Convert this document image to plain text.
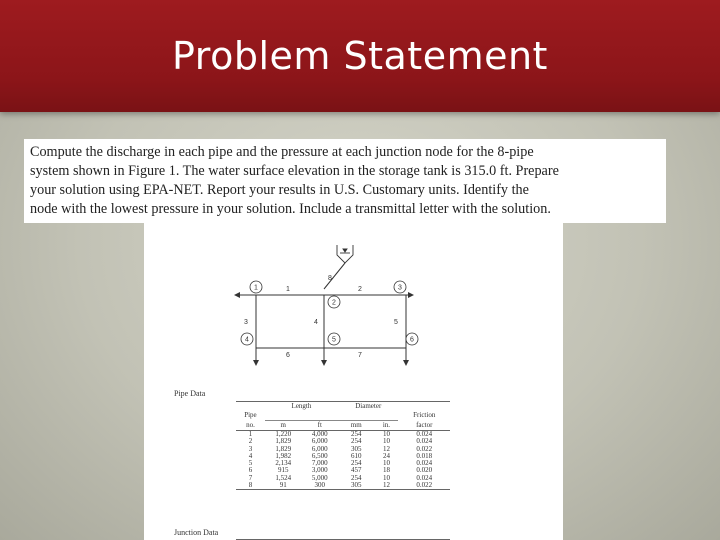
Problem Statement
Compute the discharge in each pipe and the pressure at each junction node for the 8-pipe
system shown in Figure 1. The water surface elevation in the storage tank is 315.0 ft. Prepare
your solution using EPA-NET. Report your results in U.S. Customary units. Identify the
node with the lowest pressure in your solution. Include a transmittal letter with the solution.
8
1	2
3	4	5
6	7
1
2
3
4	5	6
Pipe Data
	Length		Diameter		
Pipe					Friction
no.	m	ft	mm	in.	factor
1	1,220	4,000	254	10	0.024
2	1,829	6,000	254	10	0.024
3	1,829	6,000	305	12	0.022
4	1,982	6,500	610	24	0.018
5	2,134	7,000	254	10	0.024
6	915	3,000	457	18	0.020
7	1,524	5,000	254	10	0.024
8	91	300	305	12	0.022
Junction Data
